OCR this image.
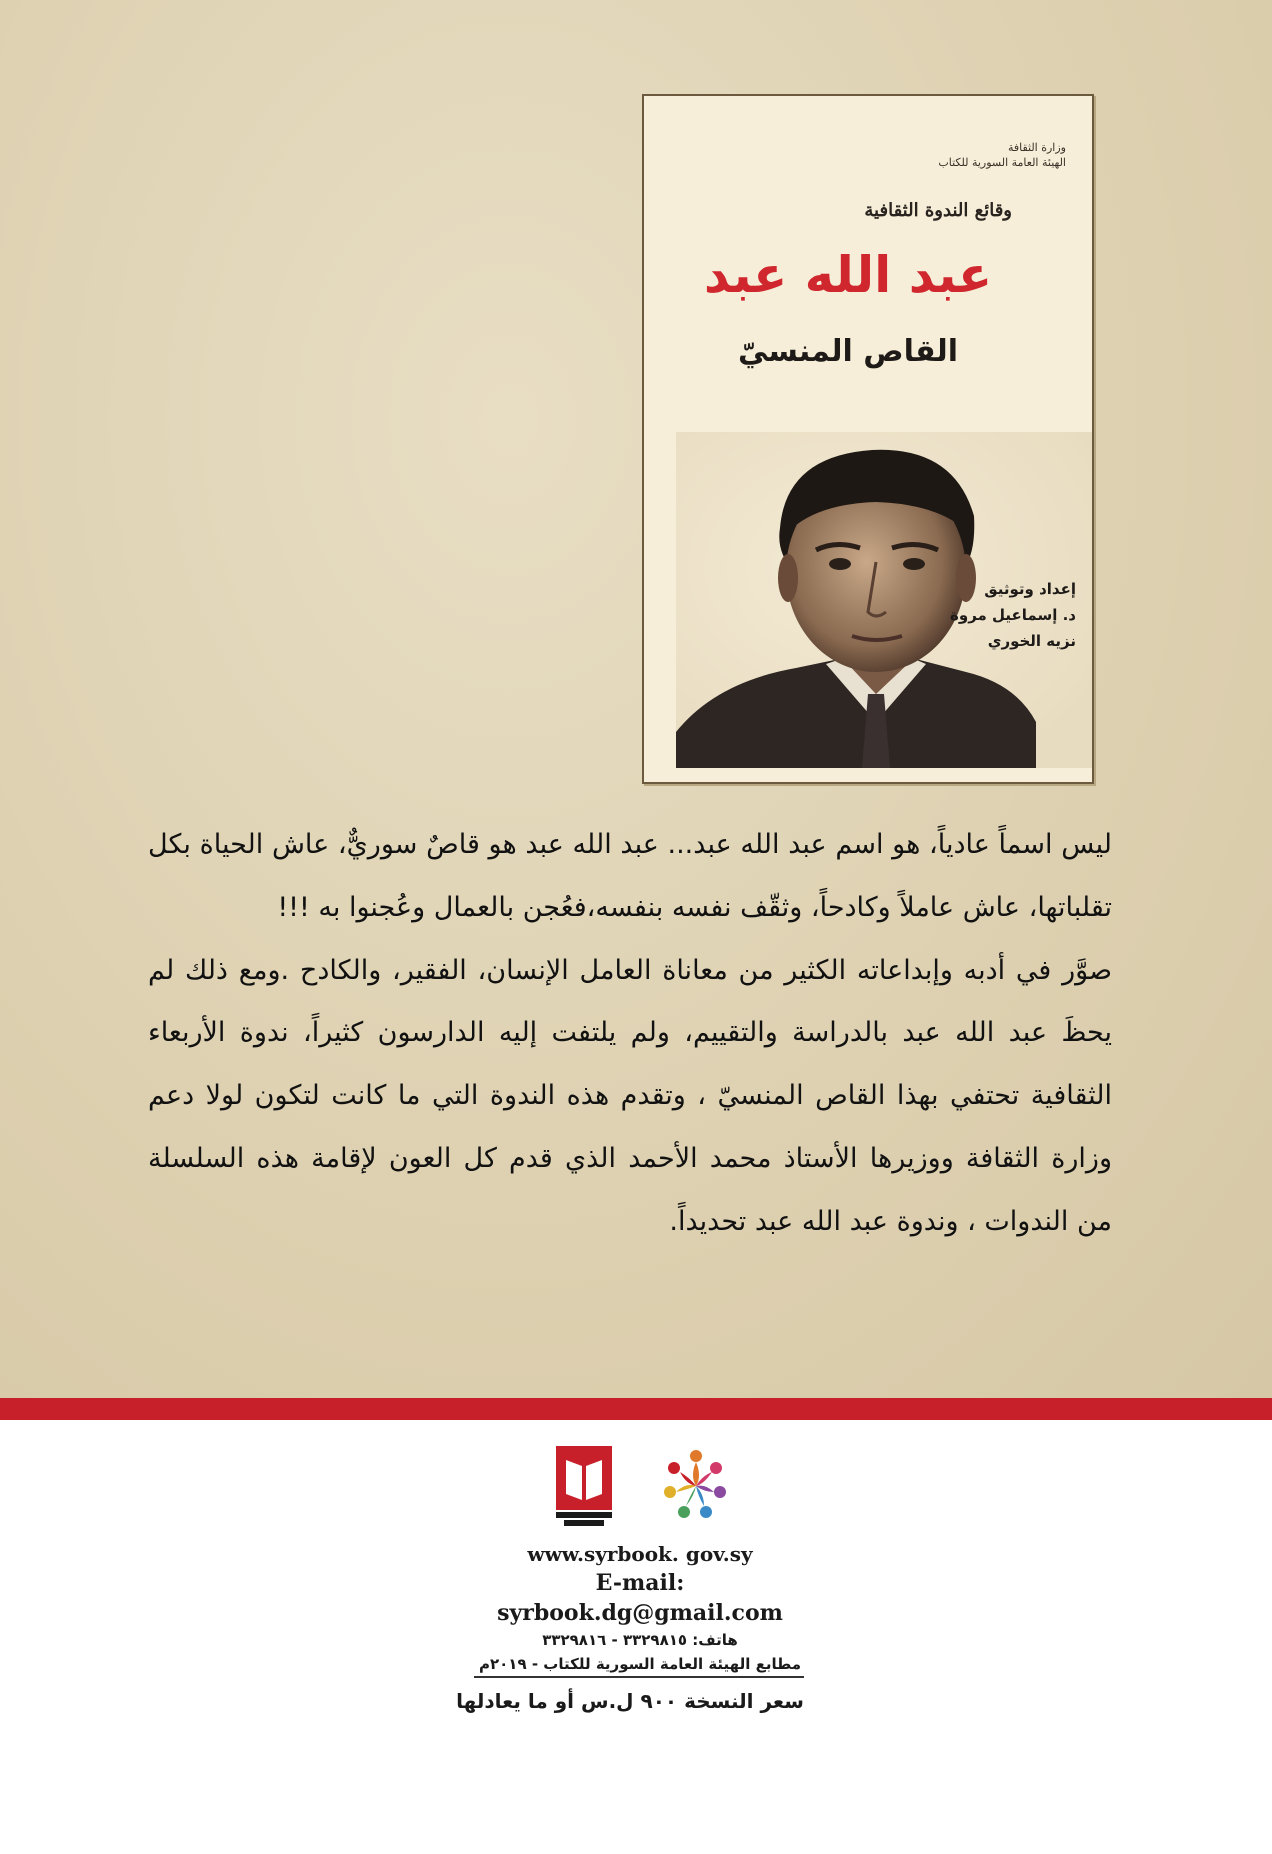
وزارة الثقافة
الهيئة العامة السورية للكتاب
وقائع الندوة الثقافية
عبد الله عبد
القاص المنسيّ
إعداد وتوثيق
د. إسماعيل مروة
نزيه الخوري

ليس اسماً عادياً، هو اسم عبد الله عبد... عبد الله عبد هو قاصٌ سوريٌّ، عاش الحياة بكل تقلباتها، عاش عاملاً وكادحاً، وثقّف نفسه بنفسه،فعُجن بالعمال وعُجنوا به !!!

صوَّر في أدبه وإبداعاته الكثير من معاناة العامل الإنسان، الفقير، والكادح .ومع ذلك لم يحظَ عبد الله عبد بالدراسة والتقييم، ولم يلتفت إليه الدارسون كثيراً، ندوة الأربعاء الثقافية تحتفي بهذا القاص المنسيّ ، وتقدم هذه الندوة التي ما كانت لتكون لولا دعم وزارة الثقافة ووزيرها الأستاذ محمد الأحمد الذي قدم كل العون لإقامة هذه السلسلة من الندوات ، وندوة عبد الله عبد تحديداً.

www.syrbook. gov.sy
E-mail: syrbook.dg@gmail.com
هاتف: ٣٣٢٩٨١٥ - ٣٣٢٩٨١٦
مطابع الهيئة العامة السورية للكتاب - ٢٠١٩م
سعر النسخة ٩٠٠ ل.س أو ما يعادلها
